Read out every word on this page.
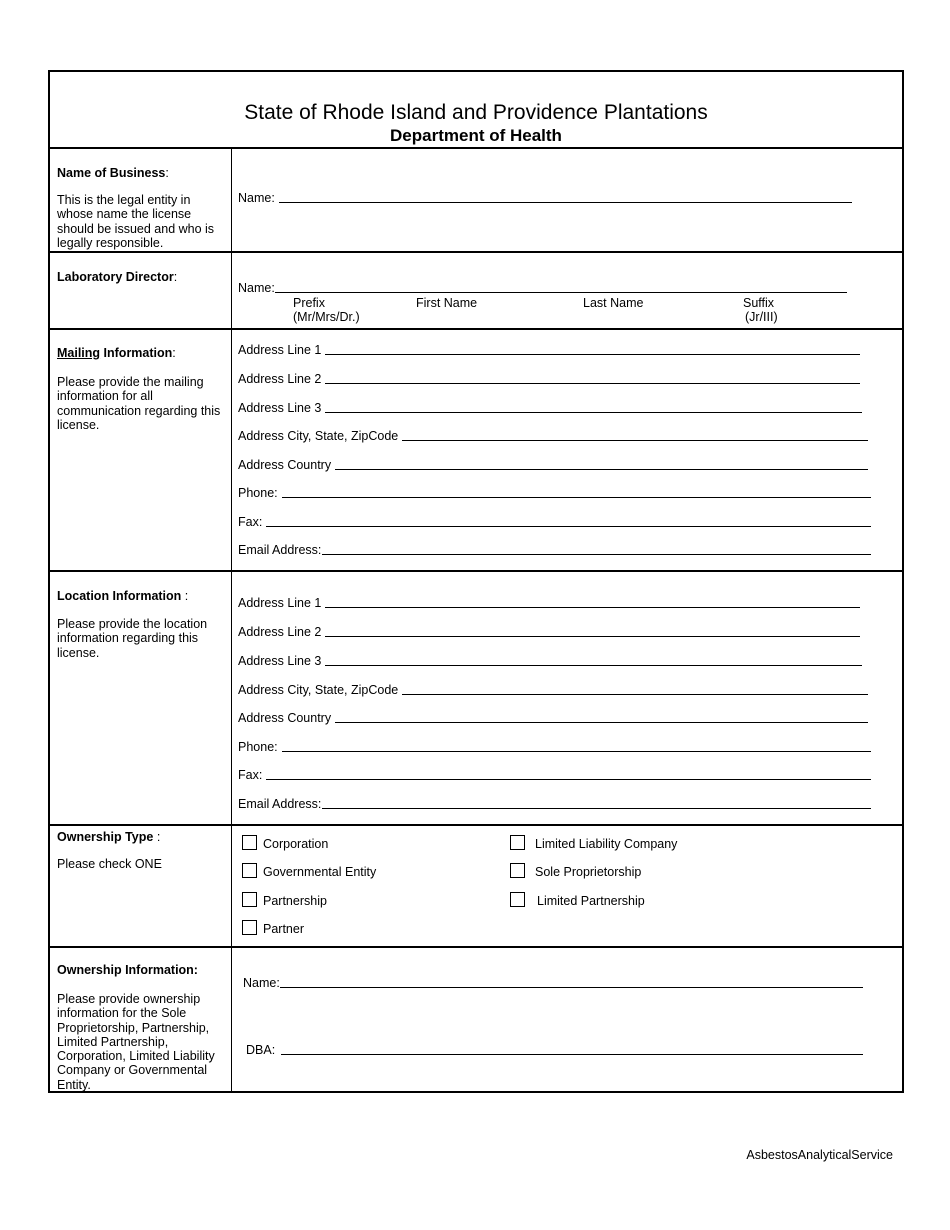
State of Rhode Island and Providence Plantations
Department of Health
Name of Business:
This is the legal entity in whose name the license should be issued and who is legally responsible.
Name:
Laboratory Director:
Name:
Prefix
(Mr/Mrs/Dr.)
First Name	Last Name	Suffix
(Jr/III)
Mailing Information:
Please provide the mailing information for all communication regarding this license.
Address Line 1
Address Line 2
Address Line 3
Address City, State, ZipCode
Address Country
Phone:
Fax:
Email Address:
Location Information :
Please provide the location information regarding this license.
Address Line 1
Address Line 2
Address Line 3
Address City, State, ZipCode
Address Country
Phone:
Fax:
Email Address:
Ownership Type :
Please check ONE
Corporation
Governmental Entity
Partnership
Partner
Limited Liability Company
Sole Proprietorship
Limited Partnership
Ownership Information:
Please provide ownership information for the Sole Proprietorship, Partnership, Limited Partnership, Corporation, Limited Liability Company or Governmental Entity.
Name:
DBA:
AsbestosAnalyticalService
